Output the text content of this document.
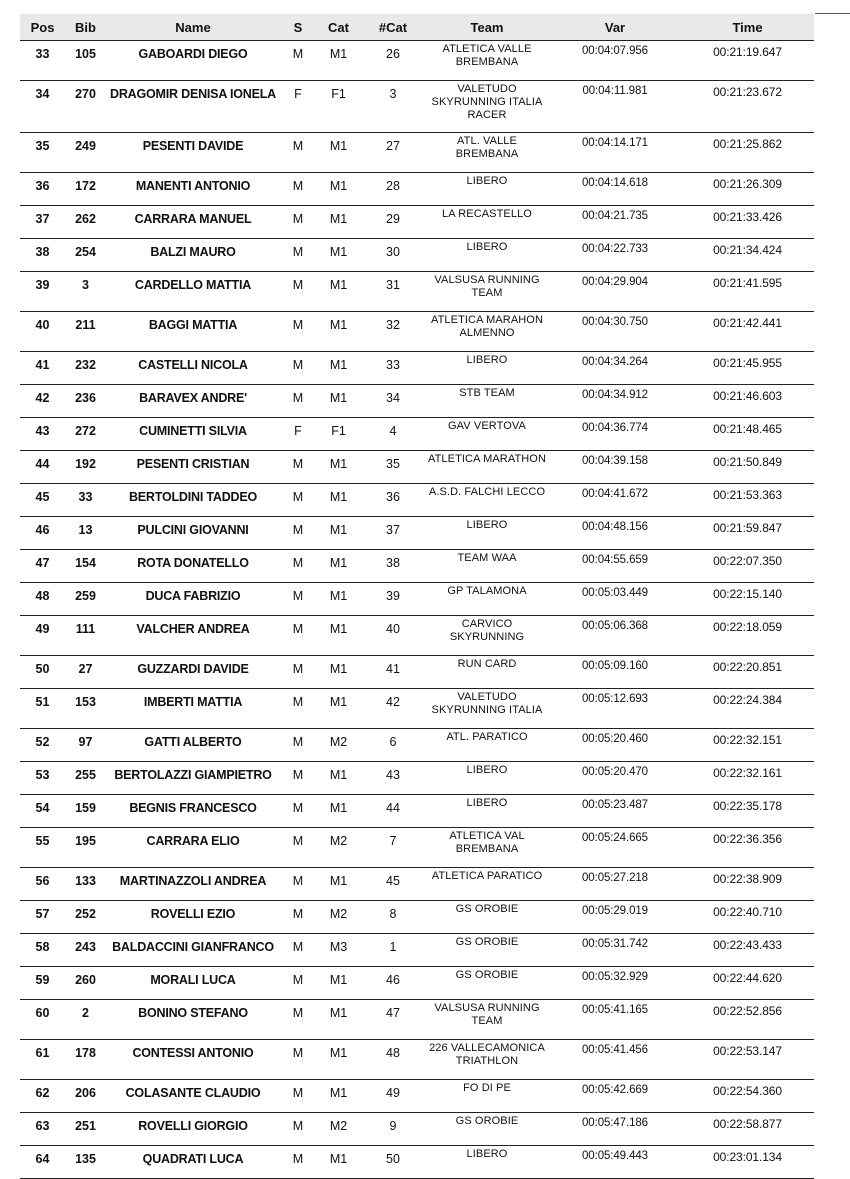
Pos	Bib	Name	S	Cat	#Cat	Team	Var	Time
33	105	GABOARDI DIEGO	M	M1	26	ATLETICA VALLE BREMBANA	00:04:07.956	00:21:19.647
34	270	DRAGOMIR DENISA IONELA	F	F1	3	VALETUDO SKYRUNNING ITALIA RACER	00:04:11.981	00:21:23.672
35	249	PESENTI DAVIDE	M	M1	27	ATL. VALLE BREMBANA	00:04:14.171	00:21:25.862
36	172	MANENTI ANTONIO	M	M1	28	LIBERO	00:04:14.618	00:21:26.309
37	262	CARRARA MANUEL	M	M1	29	LA RECASTELLO	00:04:21.735	00:21:33.426
38	254	BALZI MAURO	M	M1	30	LIBERO	00:04:22.733	00:21:34.424
39	3	CARDELLO MATTIA	M	M1	31	VALSUSA RUNNING TEAM	00:04:29.904	00:21:41.595
40	211	BAGGI MATTIA	M	M1	32	ATLETICA MARAHON ALMENNO	00:04:30.750	00:21:42.441
41	232	CASTELLI NICOLA	M	M1	33	LIBERO	00:04:34.264	00:21:45.955
42	236	BARAVEX ANDRE'	M	M1	34	STB TEAM	00:04:34.912	00:21:46.603
43	272	CUMINETTI SILVIA	F	F1	4	GAV VERTOVA	00:04:36.774	00:21:48.465
44	192	PESENTI CRISTIAN	M	M1	35	ATLETICA MARATHON	00:04:39.158	00:21:50.849
45	33	BERTOLDINI TADDEO	M	M1	36	A.S.D. FALCHI LECCO	00:04:41.672	00:21:53.363
46	13	PULCINI GIOVANNI	M	M1	37	LIBERO	00:04:48.156	00:21:59.847
47	154	ROTA DONATELLO	M	M1	38	TEAM WAA	00:04:55.659	00:22:07.350
48	259	DUCA FABRIZIO	M	M1	39	GP TALAMONA	00:05:03.449	00:22:15.140
49	111	VALCHER ANDREA	M	M1	40	CARVICO SKYRUNNING	00:05:06.368	00:22:18.059
50	27	GUZZARDI DAVIDE	M	M1	41	RUN CARD	00:05:09.160	00:22:20.851
51	153	IMBERTI MATTIA	M	M1	42	VALETUDO SKYRUNNING ITALIA	00:05:12.693	00:22:24.384
52	97	GATTI ALBERTO	M	M2	6	ATL. PARATICO	00:05:20.460	00:22:32.151
53	255	BERTOLAZZI GIAMPIETRO	M	M1	43	LIBERO	00:05:20.470	00:22:32.161
54	159	BEGNIS FRANCESCO	M	M1	44	LIBERO	00:05:23.487	00:22:35.178
55	195	CARRARA ELIO	M	M2	7	ATLETICA VAL BREMBANA	00:05:24.665	00:22:36.356
56	133	MARTINAZZOLI ANDREA	M	M1	45	ATLETICA PARATICO	00:05:27.218	00:22:38.909
57	252	ROVELLI EZIO	M	M2	8	GS OROBIE	00:05:29.019	00:22:40.710
58	243	BALDACCINI GIANFRANCO	M	M3	1	GS OROBIE	00:05:31.742	00:22:43.433
59	260	MORALI LUCA	M	M1	46	GS OROBIE	00:05:32.929	00:22:44.620
60	2	BONINO STEFANO	M	M1	47	VALSUSA RUNNING TEAM	00:05:41.165	00:22:52.856
61	178	CONTESSI ANTONIO	M	M1	48	226 VALLECAMONICA TRIATHLON	00:05:41.456	00:22:53.147
62	206	COLASANTE CLAUDIO	M	M1	49	FO DI PE	00:05:42.669	00:22:54.360
63	251	ROVELLI GIORGIO	M	M2	9	GS OROBIE	00:05:47.186	00:22:58.877
64	135	QUADRATI LUCA	M	M1	50	LIBERO	00:05:49.443	00:23:01.134
